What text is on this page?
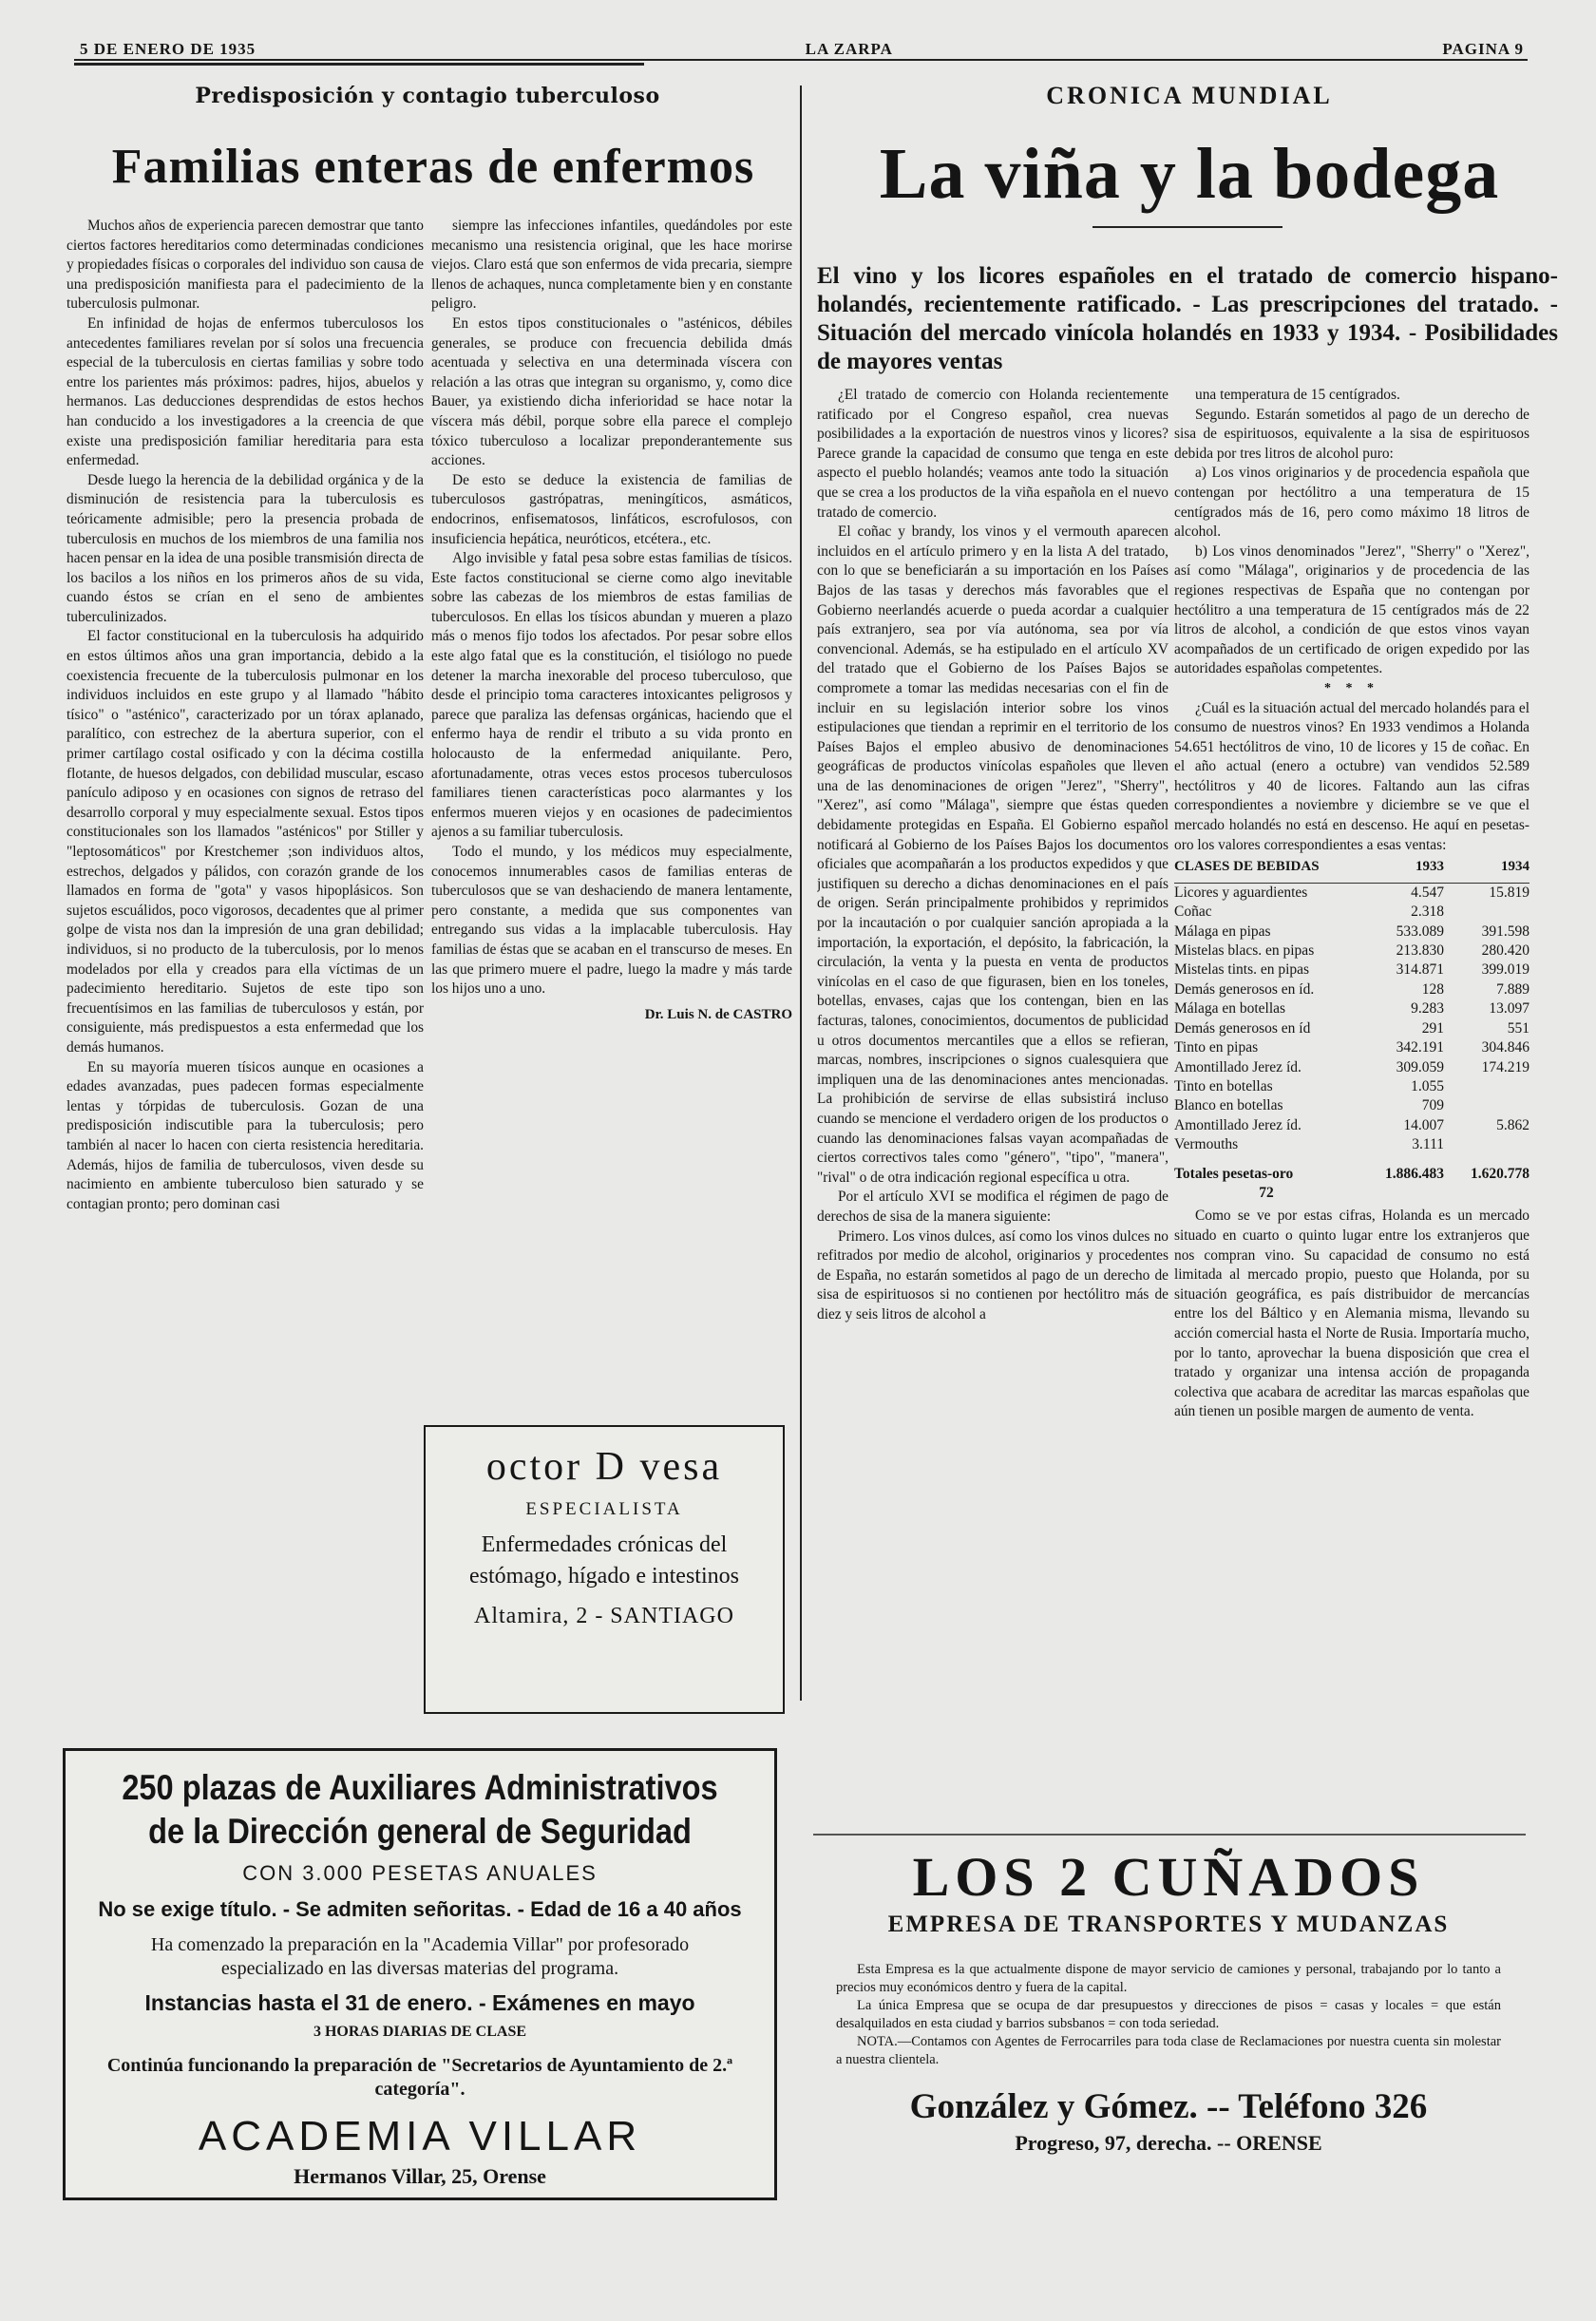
5 DE ENERO DE 1935	LA ZARPA	PAGINA 9
Predisposición y contagio tuberculoso
Familias enteras de enfermos

Muchos años de experiencia parecen demostrar que tanto ciertos factores hereditarios como determinadas condiciones y propiedades físicas o corporales del individuo son causa de una predisposición manifiesta para el padecimiento de la tuberculosis pulmonar.

En infinidad de hojas de enfermos tuberculosos los antecedentes familiares revelan por sí solos una frecuencia especial de la tuberculosis en ciertas familias y sobre todo entre los parientes más próximos: padres, hijos, abuelos y hermanos. Las deducciones desprendidas de estos hechos han conducido a los investigadores a la creencia de que existe una predisposición familiar hereditaria para esta enfermedad.

Desde luego la herencia de la debilidad orgánica y de la disminución de resistencia para la tuberculosis es teóricamente admisible; pero la presencia probada de tuberculosis en muchos de los miembros de una familia nos hacen pensar en la idea de una posible transmisión directa de los bacilos a los niños en los primeros años de su vida, cuando éstos se crían en el seno de ambientes tuberculinizados.

El factor constitucional en la tuberculosis ha adquirido en estos últimos años una gran importancia, debido a la coexistencia frecuente de la tuberculosis pulmonar en los individuos incluidos en este grupo y al llamado "hábito tísico" o "asténico", caracterizado por un tórax aplanado, paralítico, con estrechez de la abertura superior, con el primer cartílago costal osificado y con la décima costilla flotante, de huesos delgados, con debilidad muscular, escaso panículo adiposo y en ocasiones con signos de retraso del desarrollo corporal y muy especialmente sexual. Estos tipos constitucionales son los llamados "asténicos" por Stiller y "leptosomáticos" por Krestchemer ;son individuos altos, estrechos, delgados y pálidos, con corazón grande de los llamados en forma de "gota" y vasos hipoplásicos. Son sujetos escuálidos, poco vigorosos, decadentes que al primer golpe de vista nos dan la impresión de una gran debilidad; individuos, si no producto de la tuberculosis, por lo menos modelados por ella y creados para ella víctimas de un padecimiento hereditario. Sujetos de este tipo son frecuentísimos en las familias de tuberculosos y están, por consiguiente, más predispuestos a esta enfermedad que los demás humanos.

En su mayoría mueren tísicos aunque en ocasiones a edades avanzadas, pues padecen formas especialmente lentas y tórpidas de tuberculosis. Gozan de una predisposición indiscutible para la tuberculosis; pero también al nacer lo hacen con cierta resistencia hereditaria. Además, hijos de familia de tuberculosos, viven desde su nacimiento en ambiente tuberculoso bien saturado y se contagian pronto; pero dominan casi

siempre las infecciones infantiles, quedándoles por este mecanismo una resistencia original, que les hace morirse viejos. Claro está que son enfermos de vida precaria, siempre llenos de achaques, nunca completamente bien y en constante peligro.

En estos tipos constitucionales o "asténicos, débiles generales, se produce con frecuencia debilida dmás acentuada y selectiva en una determinada víscera con relación a las otras que integran su organismo, y, como dice Bauer, ya existiendo dicha inferioridad se hace notar la víscera más débil, porque sobre ella parece el complejo tóxico tuberculoso a localizar preponderantemente sus acciones.

De esto se deduce la existencia de familias de tuberculosos gastrópatras, meningíticos, asmáticos, endocrinos, enfisematosos, linfáticos, escrofulosos, con insuficiencia hepática, neuróticos, etcétera., etc.

Algo invisible y fatal pesa sobre estas familias de tísicos. Este factos constitucional se cierne como algo inevitable sobre las cabezas de los miembros de estas familias de tuberculosos. En ellas los tísicos abundan y mueren a plazo más o menos fijo todos los afectados. Por pesar sobre ellos este algo fatal que es la constitución, el tisiólogo no puede detener la marcha inexorable del proceso tuberculoso, que desde el principio toma caracteres intoxicantes peligrosos y parece que paraliza las defensas orgánicas, haciendo que el enfermo haya de rendir el tributo a su vida pronto en holocausto de la enfermedad aniquilante. Pero, afortunadamente, otras veces estos procesos tuberculosos familiares tienen características poco alarmantes y los enfermos mueren viejos y en ocasiones de padecimientos ajenos a su familiar tuberculosis.

Todo el mundo, y los médicos muy especialmente, conocemos innumerables casos de familias enteras de tuberculosos que se van deshaciendo de manera lentamente, pero constante, a medida que sus componentes van entregando sus vidas a la implacable tuberculosis. Hay familias de éstas que se acaban en el transcurso de meses. En las que primero muere el padre, luego la madre y más tarde los hijos uno a uno.

Dr. Luis N. de CASTRO
octor D vesa
ESPECIALISTA
Enfermedades crónicas del estómago, hígado e intestinos
Altamira, 2 - SANTIAGO
250 plazas de Auxiliares Administrativos de la Dirección general de Seguridad
CON 3.000 PESETAS ANUALES
No se exige título. - Se admiten señoritas. - Edad de 16 a 40 años
Ha comenzado la preparación en la "Academia Villar" por profesorado especializado en las diversas materias del programa.
Instancias hasta el 31 de enero. - Exámenes en mayo
3 HORAS DIARIAS DE CLASE
Continúa funcionando la preparación de "Secretarios de Ayuntamiento de 2.ª categoría".
ACADEMIA VILLAR
Hermanos Villar, 25, Orense
CRONICA MUNDIAL
La viña y la bodega
El vino y los licores españoles en el tratado de comercio hispano-holandés, recientemente ratificado. - Las prescripciones del tratado. - Situación del mercado vinícola holandés en 1933 y 1934. - Posibilidades de mayores ventas

¿El tratado de comercio con Holanda recientemente ratificado por el Congreso español, crea nuevas posibilidades a la exportación de nuestros vinos y licores? Parece grande la capacidad de consumo que tenga en este aspecto el pueblo holandés; veamos ante todo la situación que se crea a los productos de la viña española en el nuevo tratado de comercio.

El coñac y brandy, los vinos y el vermouth aparecen incluidos en el artículo primero y en la lista A del tratado, con lo que se beneficiarán a su importación en los Países Bajos de las tasas y derechos más favorables que el Gobierno neerlandés acuerde o pueda acordar a cualquier país extranjero, sea por vía autónoma, sea por vía convencional. Además, se ha estipulado en el artículo XV del tratado que el Gobierno de los Países Bajos se compromete a tomar las medidas necesarias con el fin de incluir en su legislación interior sobre los vinos estipulaciones que tiendan a reprimir en el territorio de los Países Bajos el empleo abusivo de denominaciones geográficas de productos vinícolas españoles que lleven una de las denominaciones de origen "Jerez", "Sherry", "Xerez", así como "Málaga", siempre que éstas queden debidamente protegidas en España. El Gobierno español notificará al Gobierno de los Países Bajos los documentos oficiales que acompañarán a los productos expedidos y que justifiquen su derecho a dichas denominaciones en el país de origen. Serán principalmente prohibidos y reprimidos por la incautación o por cualquier sanción apropiada a la importación, la exportación, el depósito, la fabricación, la circulación, la venta y la puesta en venta de productos vinícolas en el caso de que figurasen, bien en los toneles, botellas, envases, cajas que los contengan, bien en las facturas, talones, conocimientos, documentos de publicidad u otros documentos mercantiles que a ellos se refieran, marcas, nombres, inscripciones o signos cualesquiera que impliquen una de las denominaciones antes mencionadas. La prohibición de servirse de ellas subsistirá incluso cuando se mencione el verdadero origen de los productos o cuando las denominaciones falsas vayan acompañadas de ciertos correctivos tales como "género", "tipo", "manera", "rival" o de otra indicación regional específica u otra.

Por el artículo XVI se modifica el régimen de pago de derechos de sisa de la manera siguiente:

Primero. Los vinos dulces, así como los vinos dulces no refitrados por medio de alcohol, originarios y procedentes de España, no estarán sometidos al pago de un derecho de sisa de espirituosos si no contienen por hectólitro más de diez y seis litros de alcohol a

una temperatura de 15 centígrados.

Segundo. Estarán sometidos al pago de un derecho de sisa de espirituosos, equivalente a la sisa de espirituosos debida por tres litros de alcohol puro:

a) Los vinos originarios y de procedencia española que contengan por hectólitro a una temperatura de 15 centígrados más de 16, pero como máximo 18 litros de alcohol.

b) Los vinos denominados "Jerez", "Sherry" o "Xerez", así como "Málaga", originarios y de procedencia de las regiones respectivas de España que no contengan por hectólitro a una temperatura de 15 centígrados más de 22 litros de alcohol, a condición de que estos vinos vayan acompañados de un certificado de origen expedido por las autoridades españolas competentes.

* * *

¿Cuál es la situación actual del mercado holandés para el consumo de nuestros vinos? En 1933 vendimos a Holanda 54.651 hectólitros de vino, 10 de licores y 15 de coñac. En el año actual (enero a octubre) van vendidos 52.589 hectólitros y 40 de licores. Faltando aun las cifras correspondientes a noviembre y diciembre se ve que el mercado holandés no está en descenso. He aquí en pesetas-oro los valores correspondientes a esas ventas:

CLASES DE BEBIDAS	1933	1934
Licores y aguardientes	4.547	15.819
Coñac	2.318	
Málaga en pipas	533.089	391.598
Mistelas blacs. en pipas	213.830	280.420
Mistelas tints. en pipas	314.871	399.019
Demás generosos en íd.	128	7.889
Málaga en botellas	9.283	13.097
Demás generosos en íd	291	551
Tinto en pipas	342.191	304.846
Amontillado Jerez íd.	309.059	174.219
Tinto en botellas	1.055	
Blanco en botellas	709	
Amontillado Jerez íd.	14.007	5.862
Vermouths	3.111	
Totales pesetas-oro	1.886.483	1.620.778
72		

Como se ve por estas cifras, Holanda es un mercado situado en cuarto o quinto lugar entre los extranjeros que nos compran vino. Su capacidad de consumo no está limitada al mercado propio, puesto que Holanda, por su situación geográfica, es país distribuidor de mercancías entre los del Báltico y en Alemania misma, llevando su acción comercial hasta el Norte de Rusia. Importaría mucho, por lo tanto, aprovechar la buena disposición que crea el tratado y organizar una intensa acción de propaganda colectiva que acabara de acreditar las marcas españolas que aún tienen un posible margen de aumento de venta.

LOS 2 CUÑADOS
EMPRESA DE TRANSPORTES Y MUDANZAS

Esta Empresa es la que actualmente dispone de mayor servicio de camiones y personal, trabajando por lo tanto a precios muy económicos dentro y fuera de la capital.

La única Empresa que se ocupa de dar presupuestos y direcciones de pisos = casas y locales = que están desalquilados en esta ciudad y barrios subsbanos = con toda seriedad.

NOTA.—Contamos con Agentes de Ferrocarriles para toda clase de Reclamaciones por nuestra cuenta sin molestar a nuestra clientela.

González y Gómez. -- Teléfono 326
Progreso, 97, derecha. -- ORENSE
